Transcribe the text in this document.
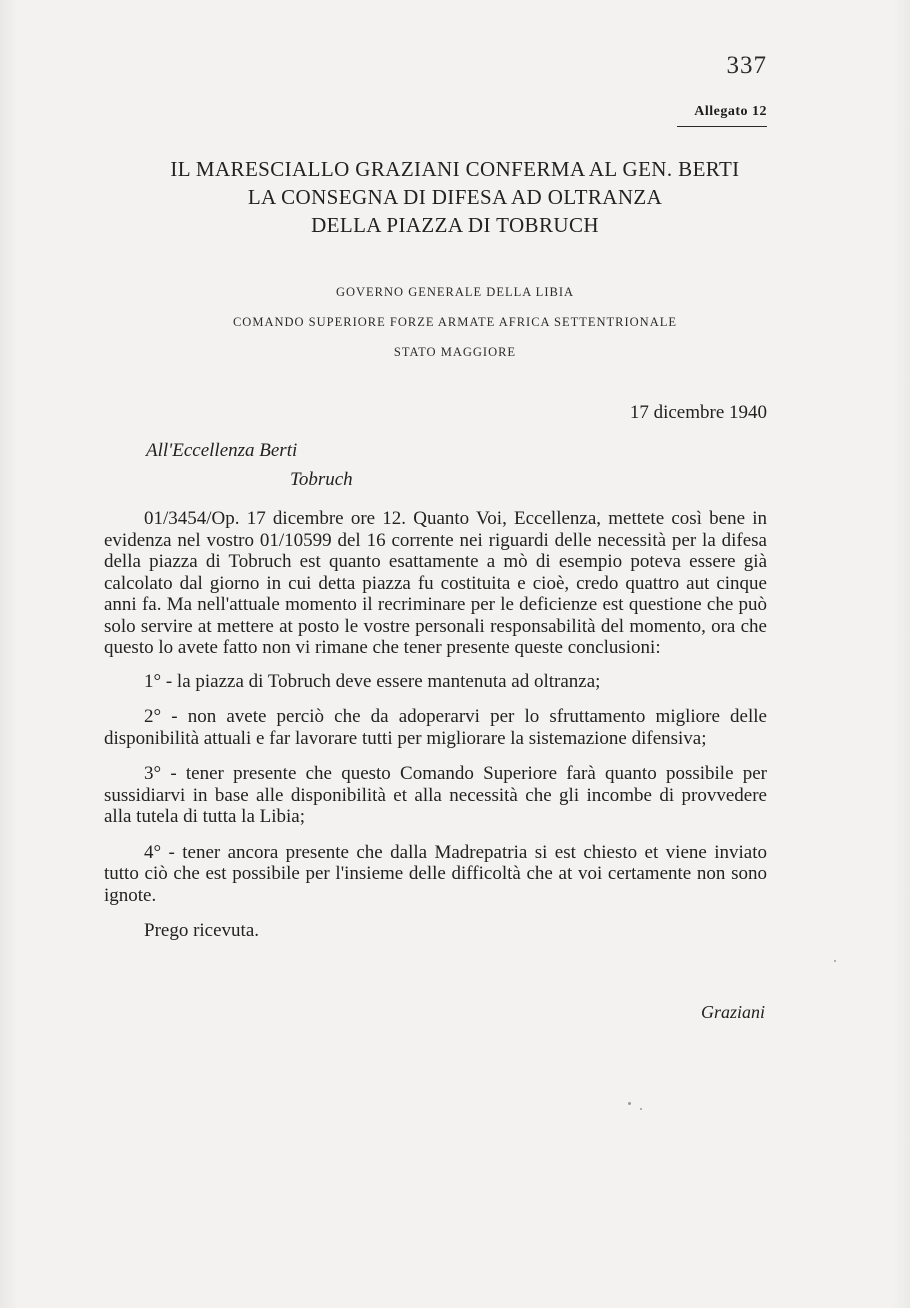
337
Allegato 12
IL MARESCIALLO GRAZIANI CONFERMA AL GEN. BERTI
LA CONSEGNA DI DIFESA AD OLTRANZA
DELLA PIAZZA DI TOBRUCH
GOVERNO GENERALE DELLA LIBIA
COMANDO SUPERIORE FORZE ARMATE AFRICA SETTENTRIONALE
STATO MAGGIORE
17 dicembre 1940
All'Eccellenza Berti
Tobruch

01/3454/Op. 17 dicembre ore 12. Quanto Voi, Eccellenza, mettete così bene in evidenza nel vostro 01/10599 del 16 corrente nei riguardi delle necessità per la difesa della piazza di Tobruch est quanto esattamente a mò di esempio poteva essere già calcolato dal giorno in cui detta piazza fu costituita e cioè, credo quattro aut cinque anni fa. Ma nell'attuale momento il recriminare per le deficienze est questione che può solo servire at mettere at posto le vostre personali responsabilità del momento, ora che questo lo avete fatto non vi rimane che tener presente queste conclusioni:

1° - la piazza di Tobruch deve essere mantenuta ad oltranza;

2° - non avete perciò che da adoperarvi per lo sfruttamento migliore delle disponibilità attuali e far lavorare tutti per migliorare la sistemazione difensiva;

3° - tener presente che questo Comando Superiore farà quanto possibile per sussidiarvi in base alle disponibilità et alla necessità che gli incombe di provvedere alla tutela di tutta la Libia;

4° - tener ancora presente che dalla Madrepatria si est chiesto et viene inviato tutto ciò che est possibile per l'insieme delle difficoltà che at voi certamente non sono ignote.

Prego ricevuta.

Graziani
